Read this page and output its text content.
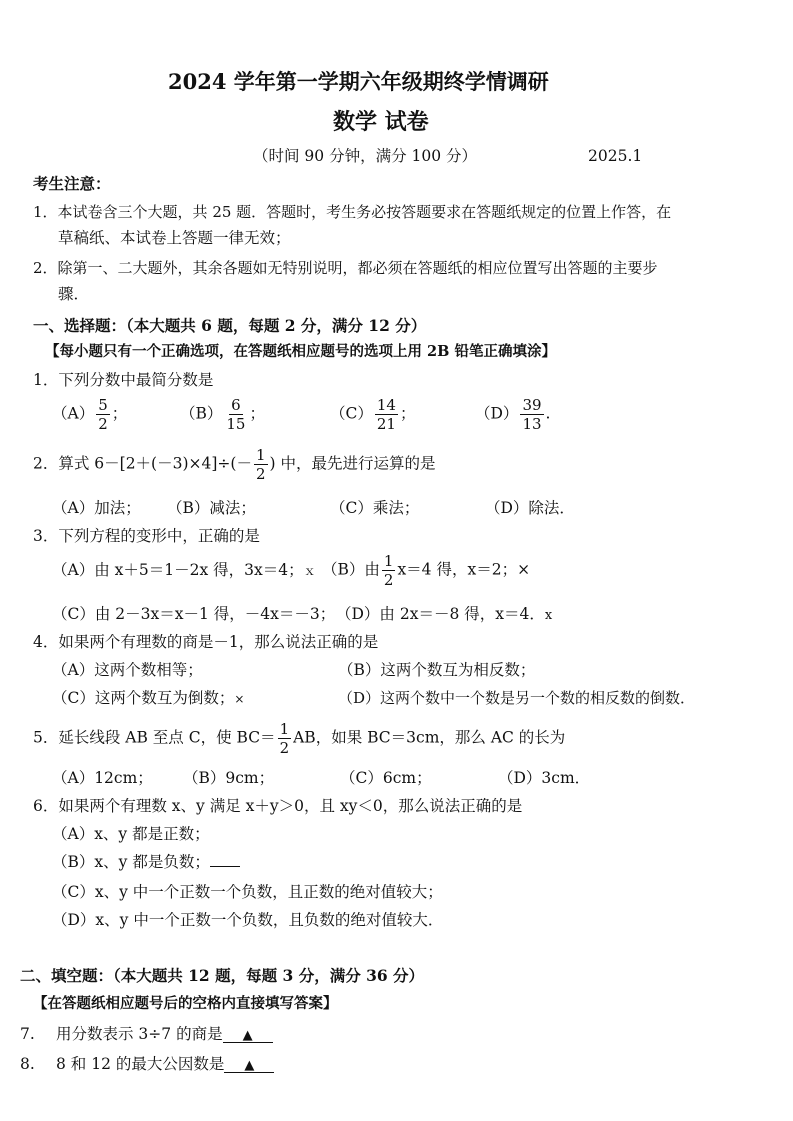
2024 学年第一学期六年级期终学情调研
数学 试卷
（时间 90 分钟，满分 100 分）	2025.1
考生注意：
1．本试卷含三个大题，共 25 题．答题时，考生务必按答题要求在答题纸规定的位置上作答，在
草稿纸、本试卷上答题一律无效；
2．除第一、二大题外，其余各题如无特别说明，都必须在答题纸的相应位置写出答题的主要步
骤．
一、选择题：（本大题共 6 题，每题 2 分，满分 12 分）
【每小题只有一个正确选项，在答题纸相应题号的选项上用 2B 铅笔正确填涂】
1．下列分数中最简分数是
$(A) \frac{5}{2}$ ；	$(B) \frac{6}{15}$ ；	$(C) \frac{14}{21}$ ；	$(D) \frac{39}{13}$ .
2．算式 $6-[2+(-3)\times 4]\div(- \frac{1}{2}$ ) 中，最先进行运算的是
（A）加法； （B）减法；	（C）乘法；	（D）除法．
3．下列方程的变形中，正确的是
（A）由 x＋5＝1－2x 得，3x＝4；ｘ （B）由 $\frac{1}{2} x=4$ 得，x＝2；×
（C）由 2－3x＝x－1 得，－4x＝－3； （D）由 2x＝－8 得，x＝4．x
4．如果两个有理数的商是－1，那么说法正确的是
（A）这两个数相等；	（B）这两个数互为相反数；
（C）这两个数互为倒数；×	（D）这两个数中一个数是另一个数的相反数的倒数．
5．延长线段 AB 至点 C，使 $BC= \frac{1}{2}$ AB，如果 BC＝3cm，那么 AC 的长为
（A）12cm； （B）9cm；	（C）6cm；	（D）3cm．
6．如果两个有理数 x、y 满足 x＋y＞0，且 xy＜0，那么说法正确的是
（A）x、y 都是正数；
（B）x、y 都是负数；
（C）x、y 中一个正数一个负数，且正数的绝对值较大；
（D）x、y 中一个正数一个负数，且负数的绝对值较大．
二、填空题：（本大题共 12 题，每题 3 分，满分 36 分）
【在答题纸相应题号后的空格内直接填写答案】
7. 用分数表示 3÷7 的商是 ▲
8. 8 和 12 的最大公因数是 ▲
